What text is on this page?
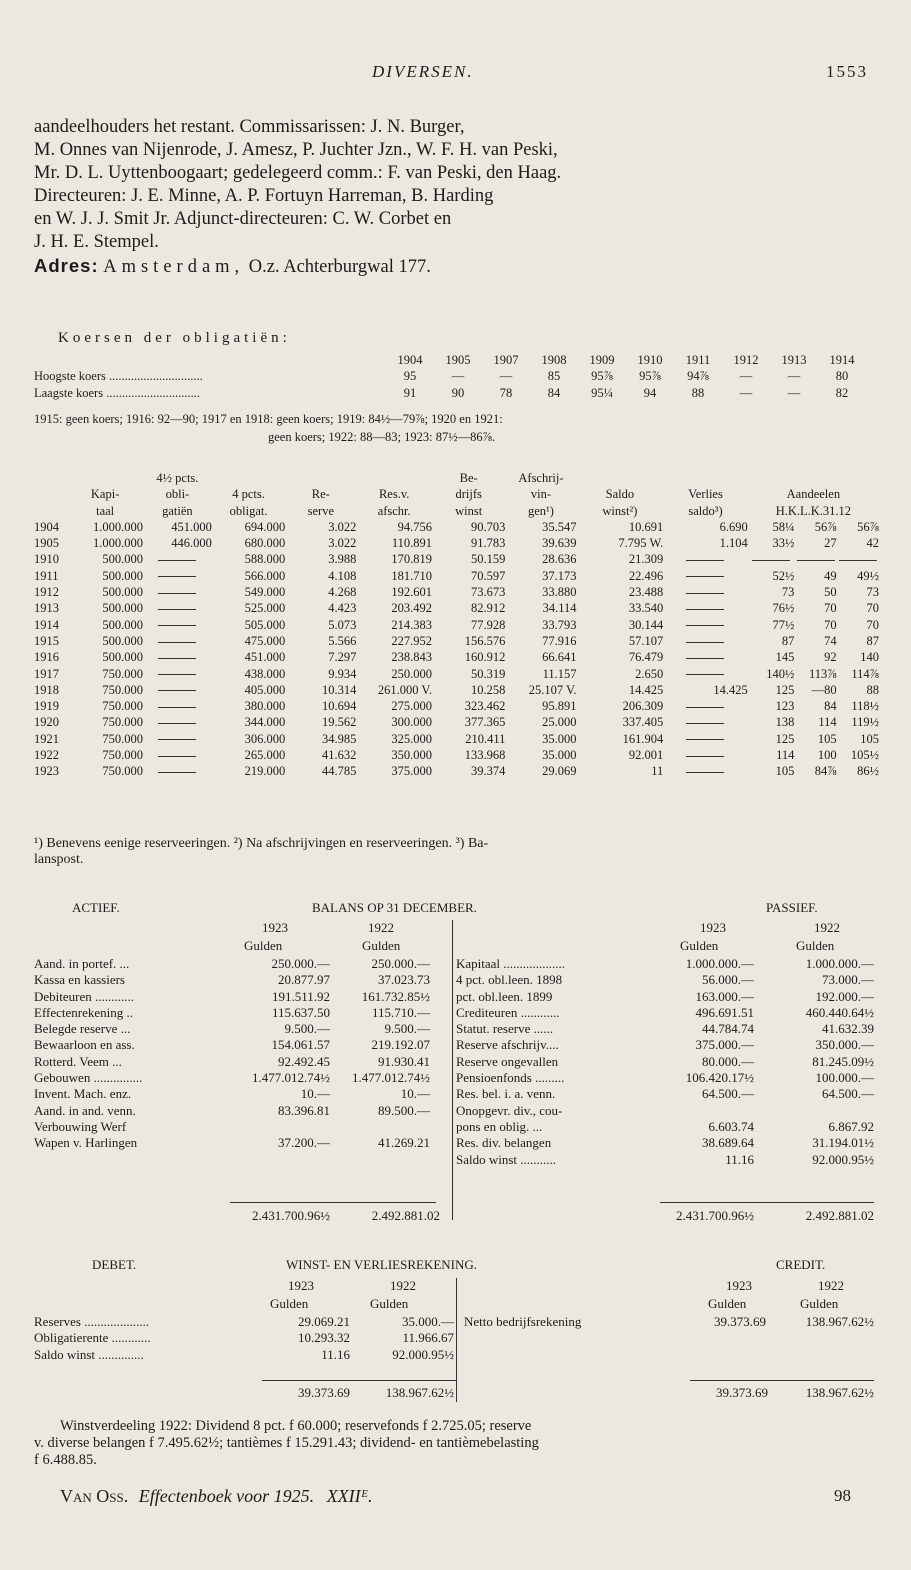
DIVERSEN.	1553
aandeelhouders het restant. Commissarissen: J. N. Burger,
M. Onnes van Nijenrode, J. Amesz, P. Juchter Jzn., W. F. H. van Peski,
Mr. D. L. Uyttenboogaart; gedelegeerd comm.: F. van Peski, den Haag.
Directeuren: J. E. Minne, A. P. Fortuyn Harreman, B. Harding
en W. J. J. Smit Jr. Adjunct-directeuren: C. W. Corbet en
J. H. E. Stempel.
Adres: Amsterdam, O.z. Achterburgwal 177.
Koersen der obligatiën:
	1904	1905	1907	1908	1909	1910	1911	1912	1913	1914
Hoogste koers ..............................	95	—	—	85	95⅞	95⅞	94⅞	—	—	80
Laagste koers ..............................	91	90	78	84	95¼	94	88	—	—	82
1915: geen koers; 1916: 92—90; 1917 en 1918: geen koers; 1919: 84½—79⅞; 1920 en 1921:
geen koers; 1922: 88—83; 1923: 87½—86⅞.
		4½ pcts.				Be-	Afschrij-					
	Kapi-	obli-	4 pcts.	Re-	Res.v.	drijfs	vin-	Saldo	Verlies	Aandeelen		
	taal	gatiën	obligat.	serve	afschr.	winst	gen¹)	winst²)	saldo³)	H.K.L.K.31.12		
1904	1.000.000	451.000	694.000	3.022	94.756	90.703	35.547	10.691	6.690	58¼	56⅞	56⅞
1905	1.000.000	446.000	680.000	3.022	110.891	91.783	39.639	7.795 W.	1.104	33½	27	42
1910	500.000		588.000	3.988	170.819	50.159	28.636	21.309				
1911	500.000		566.000	4.108	181.710	70.597	37.173	22.496		52½	49	49½
1912	500.000		549.000	4.268	192.601	73.673	33.880	23.488		73	50	73
1913	500.000		525.000	4.423	203.492	82.912	34.114	33.540		76½	70	70
1914	500.000		505.000	5.073	214.383	77.928	33.793	30.144		77½	70	70
1915	500.000		475.000	5.566	227.952	156.576	77.916	57.107		87	74	87
1916	500.000		451.000	7.297	238.843	160.912	66.641	76.479		145	92	140
1917	750.000		438.000	9.934	250.000	50.319	11.157	2.650		140½	113⅞	114⅞
1918	750.000		405.000	10.314	261.000 V.	10.258	25.107 V.	14.425	14.425	125	—80	88
1919	750.000		380.000	10.694	275.000	323.462	95.891	206.309		123	84	118½
1920	750.000		344.000	19.562	300.000	377.365	25.000	337.405		138	114	119½
1921	750.000		306.000	34.985	325.000	210.411	35.000	161.904		125	105	105
1922	750.000		265.000	41.632	350.000	133.968	35.000	92.001		114	100	105½
1923	750.000		219.000	44.785	375.000	39.374	29.069	11		105	84⅞	86½
¹) Benevens eenige reserveeringen. ²) Na afschrijvingen en reserveeringen. ³) Ba-
lanspost.
ACTIEF.	BALANS OP 31 DECEMBER.	PASSIEF.
1923	1922
Gulden	Gulden
1923	1922
Gulden	Gulden
Aand. in portef. ...	250.000.—	250.000.—
Kassa en kassiers	20.877.97	37.023.73
Debiteuren ............	191.511.92	161.732.85½
Effectenrekening ..	115.637.50	115.710.—
Belegde reserve ...	9.500.—	9.500.—
Bewaarloon en ass.	154.061.57	219.192.07
Rotterd. Veem ...	92.492.45	91.930.41
Gebouwen ...............	1.477.012.74½	1.477.012.74½
Invent. Mach. enz.	10.—	10.—
Aand. in and. venn.	83.396.81	89.500.—
Verbouwing Werf		
Wapen v. Harlingen	37.200.—	41.269.21
Kapitaal ...................	1.000.000.—	1.000.000.—
4 pct. obl.leen. 1898	56.000.—	73.000.—
pct. obl.leen. 1899	163.000.—	192.000.—
Crediteuren ............	496.691.51	460.440.64½
Statut. reserve ......	44.784.74	41.632.39
Reserve afschrijv....	375.000.—	350.000.—
Reserve ongevallen	80.000.—	81.245.09½
Pensioenfonds .........	106.420.17½	100.000.—
Res. bel. i. a. venn.	64.500.—	64.500.—
Onopgevr. div., cou-		
pons en oblig. ...	6.603.74	6.867.92
Res. div. belangen	38.689.64	31.194.01½
Saldo winst ...........	11.16	92.000.95½
2.431.700.96½	2.492.881.02	2.431.700.96½	2.492.881.02
DEBET.	WINST- EN VERLIESREKENING.	CREDIT.
1923	1922
Gulden	Gulden
1923	1922
Gulden	Gulden
Reserves ....................	29.069.21	35.000.—
Obligatierente ............	10.293.32	11.966.67
Saldo winst ..............	11.16	92.000.95½
Netto bedrijfsrekening	39.373.69	138.967.62½
39.373.69	138.967.62½	39.373.69	138.967.62½
Winstverdeeling 1922: Dividend 8 pct. f 60.000; reservefonds f 2.725.05; reserve
v. diverse belangen f 7.495.62½; tantièmes f 15.291.43; dividend- en tantièmebelasting
f 6.488.85.
Van Oss. Effectenboek voor 1925. XXIIᴱ.	98
